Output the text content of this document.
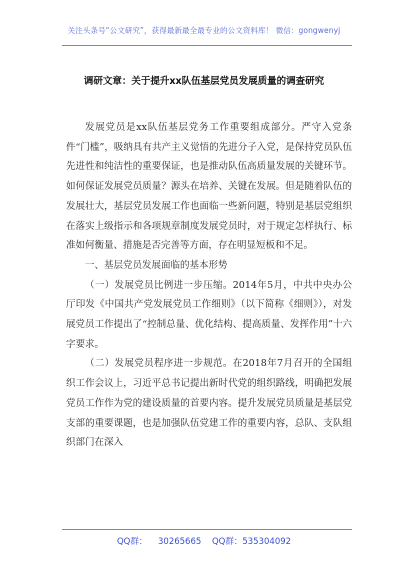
关注头条号“公文研究”，获得最新最全最专业的公文资料库！ 微信：gongwenyj
调研文章：关于提升xx队伍基层党员发展质量的调查研究

发展党员是xx队伍基层党务工作重要组成部分。严守入党条件“门槛”，吸纳具有共产主义觉悟的先进分子入党，是保持党员队伍先进性和纯洁性的重要保证，也是推动队伍高质量发展的关键环节。如何保证发展党员质量？源头在培养、关键在发展。但是随着队伍的发展壮大，基层党员发展工作也面临一些新问题，特别是基层党组织在落实上级指示和各项规章制度发展党员时，对于规定怎样执行、标准如何衡量、措施是否完善等方面，存在明显短板和不足。

一、基层党员发展面临的基本形势

（一）发展党员比例进一步压缩。2014年5月，中共中央办公厅印发《中国共产党发展党员工作细则》（以下简称《细则》），对发展党员工作提出了“控制总量、优化结构、提高质量、发挥作用”十六字要求。

（二）发展党员程序进一步规范。在2018年7月召开的全国组织工作会议上，习近平总书记提出新时代党的组织路线，明确把发展党员工作作为党的建设质量的首要内容。提升发展党员质量是基层党支部的重要课题，也是加强队伍党建工作的重要内容，总队、支队组织部门在深入

QQ群： 30265665 QQ群：535304092
